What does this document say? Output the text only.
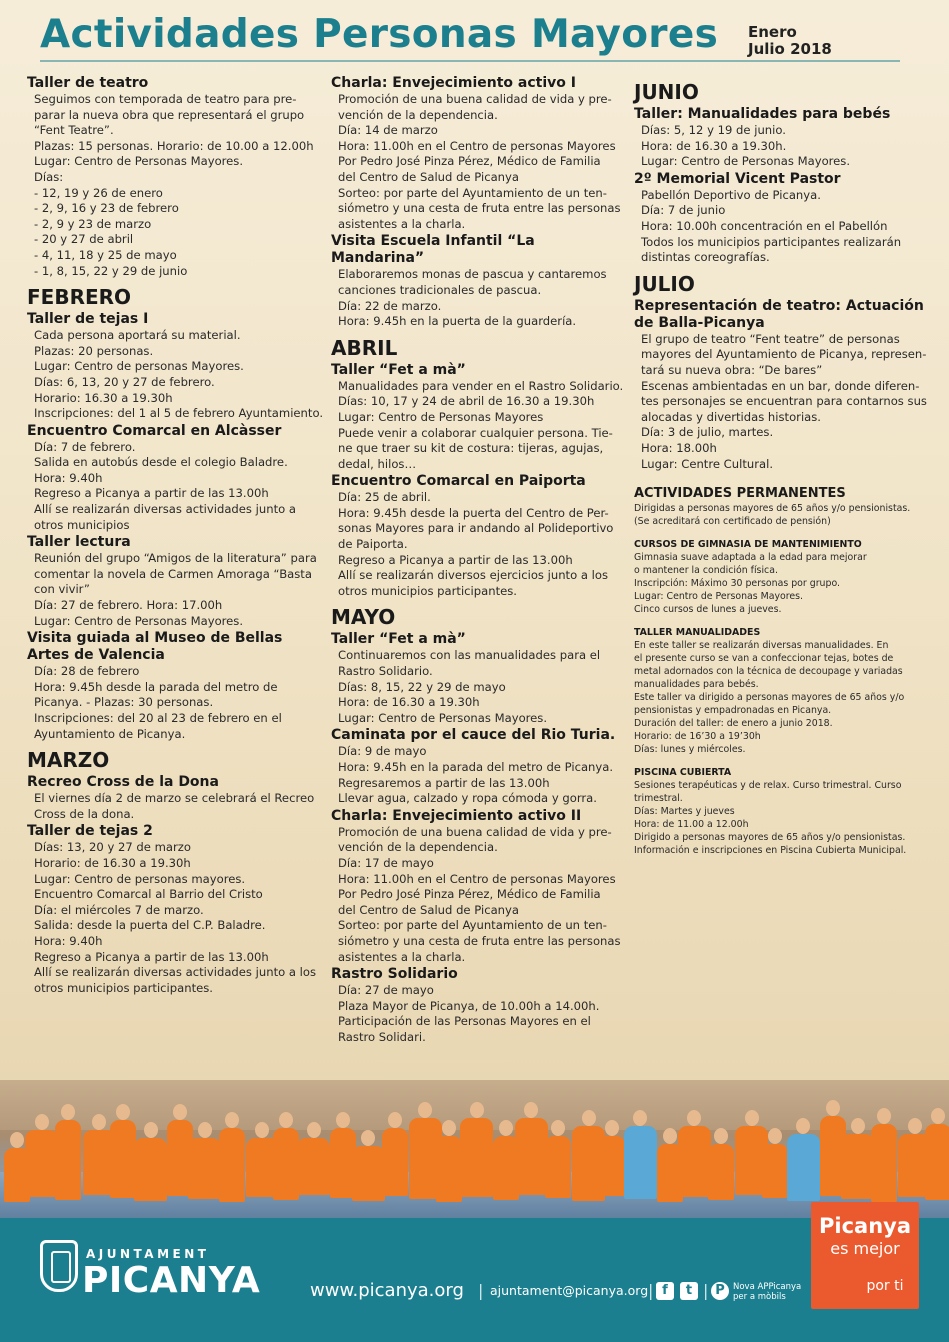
Actividades Personas Mayores Enero
Julio 2018
Taller de teatro
Seguimos con temporada de teatro para pre-
parar la nueva obra que representará el grupo
“Fent Teatre”.
Plazas: 15 personas. Horario: de 10.00 a 12.00h
Lugar: Centro de Personas Mayores.
Días:
- 12, 19 y 26 de enero
- 2, 9, 16 y 23 de febrero
- 2, 9 y 23 de marzo
- 20 y 27 de abril
- 4, 11, 18 y 25 de mayo
- 1, 8, 15, 22 y 29 de junio
FEBRERO
Taller de tejas I
Cada persona aportará su material.
Plazas: 20 personas.
Lugar: Centro de personas Mayores.
Días: 6, 13, 20 y 27 de febrero.
Horario: 16.30 a 19.30h
Inscripciones: del 1 al 5 de febrero Ayuntamiento.
Encuentro Comarcal en Alcàsser
Día: 7 de febrero.
Salida en autobús desde el colegio Baladre.
Hora: 9.40h
Regreso a Picanya a partir de las 13.00h
Allí se realizarán diversas actividades junto a
otros municipios
Taller lectura
Reunión del grupo “Amigos de la literatura” para
comentar la novela de Carmen Amoraga “Basta
con vivir”
Día: 27 de febrero. Hora: 17.00h
Lugar: Centro de Personas Mayores.
Visita guiada al Museo de Bellas Artes de Valencia
Día: 28 de febrero
Hora: 9.45h desde la parada del metro de
Picanya. - Plazas: 30 personas.
Inscripciones: del 20 al 23 de febrero en el
Ayuntamiento de Picanya.
MARZO
Recreo Cross de la Dona
El viernes día 2 de marzo se celebrará el Recreo
Cross de la dona.
Taller de tejas 2
Días: 13, 20 y 27 de marzo
Horario: de 16.30 a 19.30h
Lugar: Centro de personas mayores.
Encuentro Comarcal al Barrio del Cristo
Día: el miércoles 7 de marzo.
Salida: desde la puerta del C.P. Baladre.
Hora: 9.40h
Regreso a Picanya a partir de las 13.00h
Allí se realizarán diversas actividades junto a los
otros municipios participantes.
Charla: Envejecimiento activo I
Promoción de una buena calidad de vida y pre-
vención de la dependencia.
Día: 14 de marzo
Hora: 11.00h en el Centro de personas Mayores
Por Pedro José Pinza Pérez, Médico de Familia
del Centro de Salud de Picanya
Sorteo: por parte del Ayuntamiento de un ten-
siómetro y una cesta de fruta entre las personas
asistentes a la charla.
Visita Escuela Infantil “La Mandarina”
Elaboraremos monas de pascua y cantaremos
canciones tradicionales de pascua.
Día: 22 de marzo.
Hora: 9.45h en la puerta de la guardería.
ABRIL
Taller “Fet a mà”
Manualidades para vender en el Rastro Solidario.
Días: 10, 17 y 24 de abril de 16.30 a 19.30h
Lugar: Centro de Personas Mayores
Puede venir a colaborar cualquier persona. Tie-
ne que traer su kit de costura: tijeras, agujas,
dedal, hilos…
Encuentro Comarcal en Paiporta
Día: 25 de abril.
Hora: 9.45h desde la puerta del Centro de Per-
sonas Mayores para ir andando al Polideportivo
de Paiporta.
Regreso a Picanya a partir de las 13.00h
Allí se realizarán diversos ejercicios junto a los
otros municipios participantes.
MAYO
Taller “Fet a mà”
Continuaremos con las manualidades para el
Rastro Solidario.
Días: 8, 15, 22 y 29 de mayo
Hora: de 16.30 a 19.30h
Lugar: Centro de Personas Mayores.
Caminata por el cauce del Rio Turia.
Día: 9 de mayo
Hora: 9.45h en la parada del metro de Picanya.
Regresaremos a partir de las 13.00h
Llevar agua, calzado y ropa cómoda y gorra.
Charla: Envejecimiento activo II
Promoción de una buena calidad de vida y pre-
vención de la dependencia.
Día: 17 de mayo
Hora: 11.00h en el Centro de personas Mayores
Por Pedro José Pinza Pérez, Médico de Familia
del Centro de Salud de Picanya
Sorteo: por parte del Ayuntamiento de un ten-
siómetro y una cesta de fruta entre las personas
asistentes a la charla.
Rastro Solidario
Día: 27 de mayo
Plaza Mayor de Picanya, de 10.00h a 14.00h.
Participación de las Personas Mayores en el
Rastro Solidari.
JUNIO
Taller: Manualidades para bebés
Días: 5, 12 y 19 de junio.
Hora: de 16.30 a 19.30h.
Lugar: Centro de Personas Mayores.
2º Memorial Vicent Pastor
Pabellón Deportivo de Picanya.
Día: 7 de junio
Hora: 10.00h concentración en el Pabellón
Todos los municipios participantes realizarán
distintas coreografías.
JULIO
Representación de teatro: Actuación de Balla-Picanya
El grupo de teatro “Fent teatre” de personas
mayores del Ayuntamiento de Picanya, represen-
tará su nueva obra: “De bares”
Escenas ambientadas en un bar, donde diferen-
tes personajes se encuentran para contarnos sus
alocadas y divertidas historias.
Día: 3 de julio, martes.
Hora: 18.00h
Lugar: Centre Cultural.
ACTIVIDADES PERMANENTES
Dirigidas a personas mayores de 65 años y/o pensionistas.
(Se acreditará con certificado de pensión)
CURSOS DE GIMNASIA DE MANTENIMIENTO
Gimnasia suave adaptada a la edad para mejorar
o mantener la condición física.
Inscripción: Máximo 30 personas por grupo.
Lugar: Centro de Personas Mayores.
Cinco cursos de lunes a jueves.
TALLER MANUALIDADES
En este taller se realizarán diversas manualidades. En
el presente curso se van a confeccionar tejas, botes de
metal adornados con la técnica de decoupage y variadas
manualidades para bebés.
Este taller va dirigido a personas mayores de 65 años y/o
pensionistas y empadronadas en Picanya.
Duración del taller: de enero a junio 2018.
Horario: de 16’30 a 19’30h
Días: lunes y miércoles.
PISCINA CUBIERTA
Sesiones terapéuticas y de relax. Curso trimestral. Curso
trimestral.
Días: Martes y jueves
Hora: de 11.00 a 12.00h
Dirigido a personas mayores de 65 años y/o pensionistas.
Información e inscripciones en Piscina Cubierta Municipal.
AJUNTAMENT
PICANYA	www.picanya.org | ajuntament@picanya.org | f	t | P Nova APPicanya
per a mòbils
Picanya
es mejor
por ti
